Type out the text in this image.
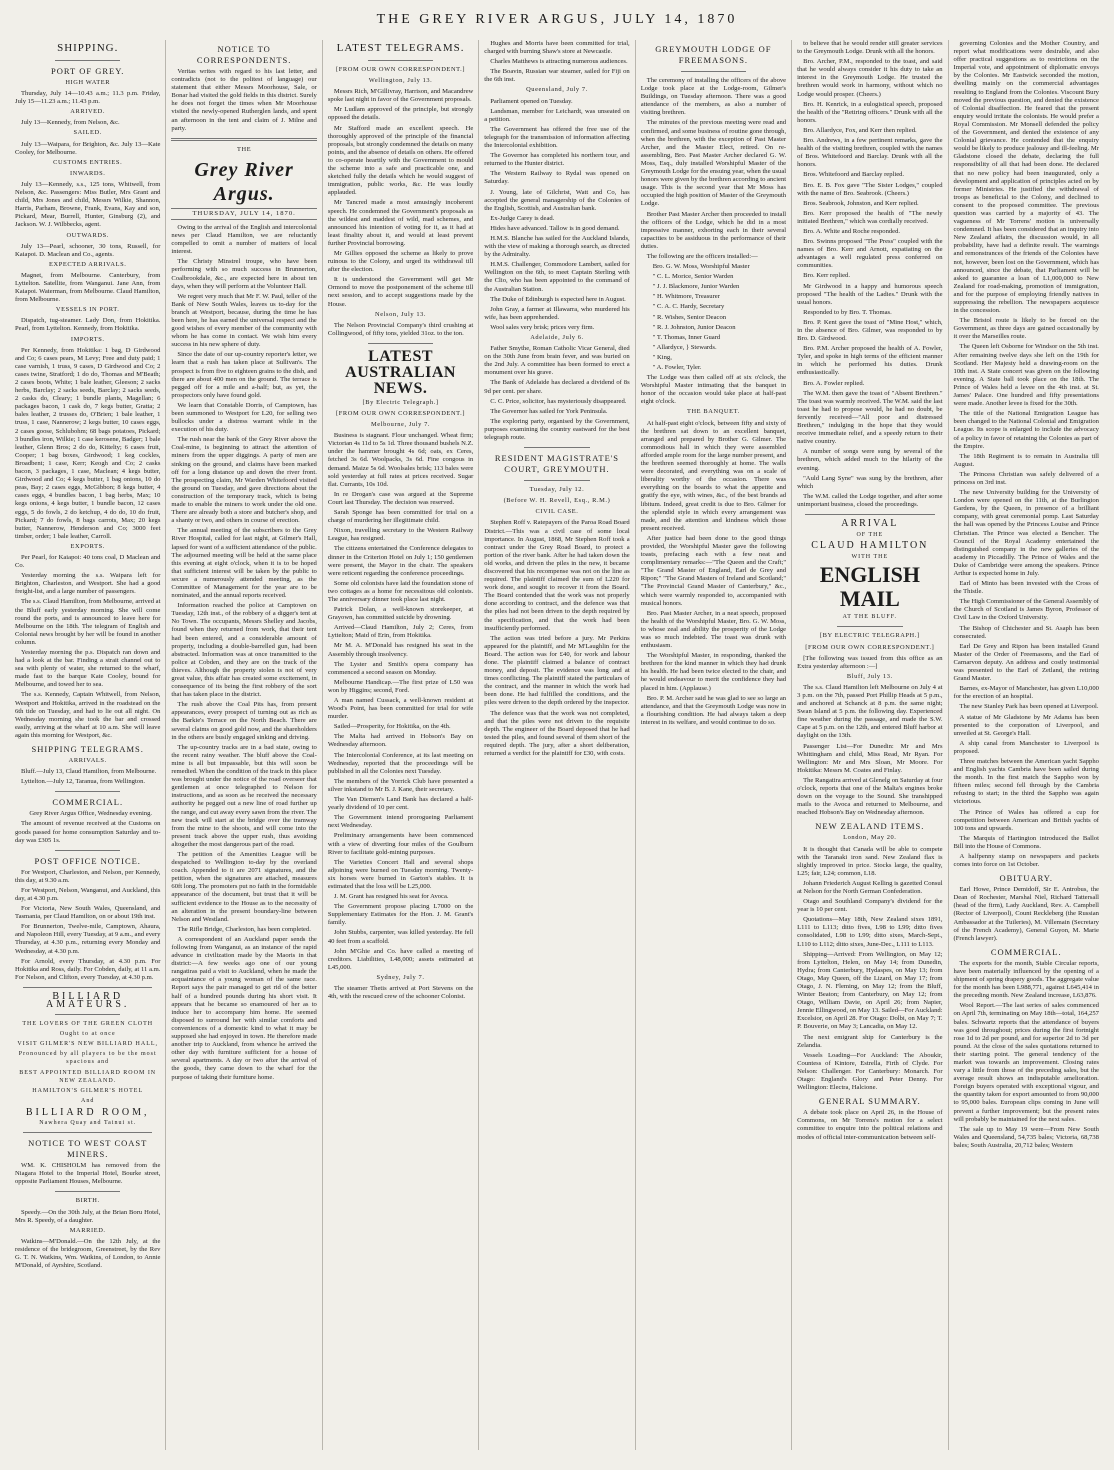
THE GREY RIVER ARGUS, JULY 14, 1870

SHIPPING.
PORT OF GREY.
HIGH WATER

Thursday, July 14—10.43 a.m.; 11.3 p.m. Friday, July 15—11.23 a.m.; 11.43 p.m.

ARRIVED.

July 13—Kennedy, from Nelson, &c.

SAILED.

July 13—Waipara, for Brighton, &c. July 13—Kate Cooley, for Melbourne.

CUSTOMS ENTRIES.
INWARDS.

July 13—Kennedy, s.s., 125 tons, Whitwell, from Nelson, &c. Passengers: Miss Butler, Mrs Grant and child, Mrs Jones and child, Messrs Wilkie, Shannon, Harris, Parham, Browne, Frank, Evans, Kay and son, Pickard, Mear, Burrell, Hunter, Ginsburg (2), and Jackson. W. J. Wilbbecks, agent.

OUTWARDS.

July 13—Pearl, schooner, 30 tons, Russell, for Kaiapoi. D. Maclean and Co., agents.

EXPECTED ARRIVALS.

Magnet, from Melbourne. Canterbury, from Lyttelton. Satellite, from Wanganui. Jane Ann, from Kaiapoi. Waterman, from Melbourne. Claud Hamilton, from Melbourne.

VESSELS IN PORT.

Dispatch, tug-steamer. Lady Don, from Hokitika. Pearl, from Lyttelton. Kennedy, from Hokitika.

IMPORTS.

Per Kennedy, from Hokitika: 1 bag, D Girdwood and Co; 6 cases pears, M Levy; Free and duty paid; 1 case varnish, 1 truss, 9 cases, D Girdwood and Co; 2 cases twine, Stratford; 1 do do, Thomas and M'Beath; 2 cases boots, White; 1 bale leather, Gleeson; 2 sacks herbs, Barclay; 2 sacks seeds, Barclay; 2 sacks seeds, 2 casks do, Cleary; 1 bundle plants, Magellan; 6 packages bacon, 1 cask do, 7 kegs butter, Gratta; 2 bales leather, 2 trusses do, O'Brien; 1 bale leather, 1 truss, 1 case, Nannerow; 2 kegs butter, 10 cases eggs, 2 cases goose, Schlubohm; 68 bags potatoes, Pickard; 3 bundles iron, Wilkie; 1 case kerosene, Badger; 1 bale leather, Glenn Bros; 2 do do, Kittelty; 6 cases fruit, Cooper; 1 bag boxes, Girdwood; 1 keg cockles, Broadbent; 1 case, Kerr; Keogh and Co; 2 casks bacon, 3 packages, 1 case, Maclean; 4 kegs butter, Girdwood and Co; 4 kegs butter, 1 bag onions, 10 do peas, Bay; 2 cases eggs, McGibbon; 8 kegs butter, 4 cases eggs, 4 bundles bacon, 1 bag herbs, Max; 10 kegs onions, 4 kegs butter, 1 bundle bacon, 12 cases eggs, 5 do fowls, 2 do ketchup, 4 do do, 10 do fruit, Pickard; 7 do fowls, 8 bags carrots, Max; 20 kegs butter, Nannerow, Henderson and Co; 3000 feet timber, order; 1 bale leather, Carroll.

EXPORTS.

Per Pearl, for Kaiapoi: 40 tons coal, D Maclean and Co.

Yesterday morning the s.s. Waipara left for Brighton, Charleston, and Westport. She had a good freight-list, and a large number of passengers.

The s.s. Claud Hamilton, from Melbourne, arrived at the Bluff early yesterday morning. She will come round the ports, and is announced to leave here for Melbourne on the 18th. The telegram of English and Colonial news brought by her will be found in another column.

Yesterday morning the p.s. Dispatch ran down and had a look at the bar. Finding a strait channel out to sea with plenty of water, she returned to the wharf, made fast to the barque Kate Cooley, bound for Melbourne, and towed her to sea.

The s.s. Kennedy, Captain Whitwell, from Nelson, Westport and Hokitika, arrived in the roadstead on the 6th tide on Tuesday, and had to lie out all night. On Wednesday morning she took the bar and crossed easily, arriving at the wharf at 10 a.m. She will leave again this morning for Westport, &c.

SHIPPING TELEGRAMS.
ARRIVALS.

Bluff.—July 13, Claud Hamilton, from Melbourne.

Lyttelton.—July 12, Taranua, from Wellington.

COMMERCIAL.

Grey River Argus Office, Wednesday evening.

The amount of revenue received at the Customs on goods passed for home consumption Saturday and to-day was £305 1s.

POST OFFICE NOTICE.

For Westport, Charleston, and Nelson, per Kennedy, this day, at 9.30 a.m.

For Westport, Nelson, Wanganui, and Auckland, this day, at 4.30 p.m.

For Victoria, New South Wales, Queensland, and Tasmania, per Claud Hamilton, on or about 19th inst.

For Brunnerton, Twelve-mile, Camptown, Ahaura, and Napoleon Hill, every Tuesday, at 9 a.m., and every Thursday, at 4.30 p.m., returning every Monday and Wednesday, at 4.30 p.m.

For Arnold, every Thursday, at 4.30 p.m. For Hokitika and Ross, daily. For Cobden, daily, at 11 a.m. For Nelson, and Clifton, every Tuesday, at 4.30 p.m.

BILLIARD AMATEURS.
THE LOVERS OF THE GREEN CLOTH
Ought to at once
VISIT GILMER'S NEW BILLIARD HALL,
Pronounced by all players to be the most spacious and
BEST APPOINTED BILLIARD ROOM IN NEW ZEALAND.
HAMILTON'S GILMER'S HOTEL
And
BILLIARD ROOM,
Nawhera Quay and Tainui st.
NOTICE TO WEST COAST MINERS.

WM. K. CHISHOLM has removed from the Niagara Hotel to the Imperial Hotel, Bourke street, opposite Parliament Houses, Melbourne.

BIRTH.

Speedy.—On the 30th July, at the Brian Boru Hotel, Mrs R. Speedy, of a daughter.

MARRIED.

Watkins—M'Donald.—On the 12th July, at the residence of the bridegroom, Greenstreet, by the Rev G. T. N. Watkins, Wm. Watkins, of London, to Annie M'Donald, of Ayrshire, Scotland.

NOTICE TO CORRESPONDENTS.

Veritas writes with regard to his last letter, and contradicts (not to the politest of language) our statement that either Messrs Moorhouse, Sale, or Bonar had visited the gold fields in this district. Surely he does not forget the times when Mr Moorhouse visited the newly-opened Rutherglen lands, and spent an afternoon in the tent and claim of J. Milne and party.

THE
Grey River Argus.
THURSDAY, JULY 14, 1870.

Owing to the arrival of the English and intercolonial news per Claud Hamilton, we are reluctantly compelled to omit a number of matters of local interest.

The Christy Minstrel troupe, who have been performing with so much success in Brunnerton, Coalbrookdale, &c., are expected here in about ten days, when they will perform at the Volunteer Hall.

We regret very much that Mr F. W. Paul, teller of the Bank of New South Wales, leaves us to-day for the branch at Westport, because, during the time he has been here, he has earned the universal respect and the good wishes of every member of the community with whom he has come in contact. We wish him every success in his new sphere of duty.

Since the date of our up-country reporter's letter, we learn that a rush has taken place at Sullivan's. The prospect is from five to eighteen grains to the dish, and there are about 400 men on the ground. The terrace is pegged off for a mile and a-half; but, as yet, the prospectors only have found gold.

We learn that Constable Dorris, of Camptown, has been summoned to Westport for L20, for selling two bullocks under a distress warrant while in the execution of his duty.

The rush near the bank of the Grey River above the Coal-mine, is beginning to attract the attention of miners from the upper diggings. A party of men are sinking on the ground, and claims have been marked off for a long distance up and down the river front. The prospecting claim, Mr Warden Whitefoord visited the ground on Tuesday, and gave directions about the construction of the temporary track, which is being made to enable the miners to work under the old one. There are already both a store and butcher's shop, and a shanty or two, and others in course of erection.

The annual meeting of the subscribers to the Grey River Hospital, called for last night, at Gilmer's Hall, lapsed for want of a sufficient attendance of the public. The adjourned meeting will be held at the same place this evening at eight o'clock, when it is to be hoped that sufficient interest will be taken by the public to secure a numerously attended meeting, as the Committee of Management for the year are to be nominated, and the annual reports received.

Information reached the police at Camptown on Tuesday, 12th inst., of the robbery of a digger's tent at No Town. The occupants, Messrs Shelley and Jacobs, found when they returned from work, that their tent had been entered, and a considerable amount of property, including a double-barrelled gun, had been abstracted. Information was at once transmitted to the police at Cobden, and they are on the track of the thieves. Although the property stolen is not of very great value, this affair has created some excitement, in consequence of its being the first robbery of the sort that has taken place in the district.

The rush above the Coal Pits has, from present appearances, every prospect of turning out as rich as the Barkie's Terrace on the North Beach. There are several claims on good gold now, and the shareholders in the others are busily engaged sinking and driving.

The up-country tracks are in a bad state, owing to the recent rainy weather. The bluff above the Coal-mine is all but impassable, but this will soon be remedied. When the condition of the track in this place was brought under the notice of the road overseer that gentlemen at once telegraphed to Nelson for instructions, and as soon as he received the necessary authority he pegged out a new line of road further up the range, and cut away every sawn from the river. The new track will start at the bridge over the tramway from the mine to the shoots, and will come into the present track above the upper rush, thus avoiding altogether the most dangerous part of the road.

The petition of the Amenities League will be despatched to Wellington to-day by the overland coach. Appended to it are 2071 signatures, and the petition, when the signatures are attached, measures 60ft long. The promoters put no faith in the formidable appearance of the document, but trust that it will be sufficient evidence to the House as to the necessity of an alteration in the present boundary-line between Nelson and Westland.

The Rifle Bridge, Charleston, has been completed.

A correspondent of an Auckland paper sends the following from Wanganui, as an instance of the rapid advance in civilization made by the Maoris in that district:—A few weeks ago one of our young rangatiras paid a visit to Auckland, when he made the acquaintance of a young woman of the same race. Report says the pair managed to get rid of the better half of a hundred pounds during his short visit. It appears that he became so enamoured of her as to induce her to accompany him home. He seemed disposed to surround her with similar comforts and conveniences of a domestic kind to what it may be supposed she had enjoyed in town. He therefore made another trip to Auckland, from whence he arrived the other day with furniture sufficient for a house of several apartments. A day or two after the arrival of the goods, they came down to the wharf for the purpose of taking their furniture home.

LATEST TELEGRAMS.
[FROM OUR OWN CORRESPONDENT.]
Wellington, July 13.

Messrs Rich, M'Gillivray, Harrison, and Macandrew spoke last night in favor of the Government proposals.

Mr Ludlam approved of the principle, but strongly opposed the details.

Mr Stafford made an excellent speech. He thoroughly approved of the principle of the financial proposals, but strongly condemned the details on many points, and the absence of details on others. He offered to co-operate heartily with the Government to mould the scheme into a safe and practicable one, and sketched fully the details which he would suggest of immigration, public works, &c. He was loudly applauded.

Mr Tancred made a most amusingly incoherent speech. He condemned the Government's proposals as the wildest and maddest of wild, mad schemes, and announced his intention of voting for it, as it had at least finality about it, and would at least prevent further Provincial borrowing.

Mr Gillies opposed the scheme as likely to prove ruinous to the Colony, and urged its withdrawal till after the election.

It is understood the Government will get Mr Ormond to move the postponement of the scheme till next session, and to accept suggestions made by the House.

Nelson, July 13.

The Nelson Provincial Company's third crushing at Collingwood, of fifty tons, yielded 31oz. to the ton.

LATEST AUSTRALIAN NEWS.
[By Electric Telegraph.]
[FROM OUR OWN CORRESPONDENT.]
Melbourne, July 7.

Business is stagnant. Flour unchanged. Wheat firm; Victorian 4s 11d to 5s 1d. Three thousand bushels N.Z. under the hammer brought 4s 6d; oats, ex Ceres, fetched 3s 6d. Woolpacks, 3s 6d. Fine congous in demand. Maize 5s 6d. Woolsales brisk; 113 bales were sold yesterday at full rates at prices received. Sugar flat. Currants, 10s 10d.

In re Drogan's case was argued at the Supreme Court last Thursday. The decision was reserved.

Sarah Sponge has been committed for trial on a charge of murdering her illegitimate child.

Nixon, travelling secretary to the Western Railway League, has resigned.

The citizens entertained the Conference delegates to dinner in the Criterion Hotel on July 1; 150 gentlemen were present, the Mayor in the chair. The speakers were reticent regarding the conference proceedings.

Some old colonists have laid the foundation stone of two cottages as a home for necessitous old colonists. The anniversary dinner took place last night.

Patrick Dolan, a well-known storekeeper, at Grayown, has committed suicide by drowning.

Arrived—Claud Hamilton, July 2; Ceres, from Lyttelton; Maid of Erin, from Hokitika.

Mr M. A. M'Donald has resigned his seat in the Assembly through insolvency.

The Lyster and Smith's opera company has commenced a second season on Monday.

Melbourne Handicap.—The first prize of L50 was won by Higgins; second, Ford.

A man named Cussack, a well-known resident at Wood's Point, has been committed for trial for wife murder.

Sailed—Prosperity, for Hokitika, on the 4th.

The Malta had arrived in Hobson's Bay on Wednesday afternoon.

The Intercolonial Conference, at its last meeting on Wednesday, reported that the proceedings will be published in all the Colonies next Tuesday.

The members of the Yorrick Club have presented a silver inkstand to Mr B. J. Kane, their secretary.

The Van Diemen's Land Bank has declared a half-yearly dividend of 10 per cent.

The Government intend prorogueing Parliament next Wednesday.

Preliminary arrangements have been commenced with a view of diverting four miles of the Goulburn River to facilitate gold-mining purposes.

The Varieties Concert Hall and several shops adjoining were burned on Tuesday morning. Twenty-six horses were burned in Garton's stables. It is estimated that the loss will be L25,000.

J. M. Grant has resigned his seat for Avoca.

The Government propose placing L7000 on the Supplementary Estimates for the Hon. J. M. Grant's family.

John Stubbs, carpenter, was killed yesterday. He fell 40 feet from a scaffold.

John M'Ghie and Co. have called a meeting of creditors. Liabilities, L48,000; assets estimated at L45,000.

Sydney, July 7.

The steamer Thetis arrived at Port Stevens on the 4th, with the rescued crew of the schooner Colonist.

Hughes and Morris have been committed for trial, charged with burning Shaw's store at Newcastle.

Charles Matthews is attracting numerous audiences.

The Boavin, Russian war steamer, sailed for Fiji on the 6th inst.

Queensland, July 7.

Parliament opened on Tuesday.

Landsman, member for Leichardt, was unseated on a petition.

The Government has offered the free use of the telegraph for the transmission of information affecting the Intercolonial exhibition.

The Governor has completed his northern tour, and returned to the Hunter district.

The Western Railway to Rydal was opened on Saturday.

J. Young, late of Gilchrist, Watt and Co, has accepted the general managership of the Colonies of the English, Scottish, and Australian bank.

Ex-Judge Carey is dead.

Hides have advanced. Tallow is in good demand.

H.M.S. Blanche has sailed for the Auckland Islands, with the view of making a thorough search, as directed by the Admiralty.

H.M.S. Challenger, Commodore Lambert, sailed for Wellington on the 6th, to meet Captain Sterling with the Clio, who has been appointed to the command of the Australian Station.

The Duke of Edinburgh is expected here in August.

John Gray, a farmer at Illawarra, who murdered his wife, has been apprehended.

Wool sales very brisk; prices very firm.

Adelaide, July 6.

Father Smythe, Roman Catholic Vicar General, died on the 30th June from brain fever, and was buried on the 2nd July. A committee has been formed to erect a monument over his grave.

The Bank of Adelaide has declared a dividend of 8s 9d per cent. per share.

C. C. Price, solicitor, has mysteriously disappeared.

The Governor has sailed for York Peninsula.

The exploring party, organised by the Government, purposes examining the country eastward for the best telegraph route.

RESIDENT MAGISTRATE'S COURT, GREYMOUTH.
Tuesday, July 12.
(Before W. H. Revell, Esq., R.M.)
CIVIL CASE.

Stephen Roff v. Ratepayers of the Paroa Road Board District.—This was a civil case of some local importance. In August, 1868, Mr Stephen Roff took a contract under the Grey Road Board, to protect a portion of the river bank. After he had taken down the old works, and driven the piles in the new, it became discovered that his recompense was not on the line as required. The plaintiff claimed the sum of L220 for work done, and sought to recover it from the Board. The Board contended that the work was not properly done according to contract, and the defence was that the piles had not been driven to the depth required by the specification, and that the work had been insufficiently performed.

The action was tried before a jury. Mr Perkins appeared for the plaintiff, and Mr M'Laughlin for the Board. The action was for £40, for work and labour done. The plaintiff claimed a balance of contract money, and deposit. The evidence was long and at times conflicting. The plaintiff stated the particulars of the contract, and the manner in which the work had been done. He had fulfilled the conditions, and the piles were driven to the depth ordered by the inspector.

The defence was that the work was not completed, and that the piles were not driven to the requisite depth. The engineer of the Board deposed that he had tested the piles, and found several of them short of the required depth. The jury, after a short deliberation, returned a verdict for the plaintiff for £30, with costs.

GREYMOUTH LODGE OF FREEMASONS.

The ceremony of installing the officers of the above Lodge took place at the Lodge-room, Gilmer's Buildings, on Tuesday afternoon. There was a good attendance of the members, as also a number of visiting brethren.

The minutes of the previous meeting were read and confirmed, and some business of routine gone through, when the brethren, with the exception of Past Master Archer, and the Master Elect, retired. On re-assembling, Bro. Past Master Archer declared G. W. Moss, Esq., duly installed Worshipful Master of the Greymouth Lodge for the ensuing year, when the usual honors were given by the brethren according to ancient usage. This is the second year that Mr Moss has occupied the high position of Master of the Greymouth Lodge.

Brother Past Master Archer then proceeded to install the officers of the Lodge, which he did in a most impressive manner, exhorting each in their several capacities to be assiduous in the performance of their duties.

The following are the officers installed:—

Bro. G. W. Moss, Worshipful Master

" C. L. Morice, Senior Warden

" J. J. Blackmore, Junior Warden

" H. Whitmore, Treasurer

" C. A. C. Hardy, Secretary

" R. Wishes, Senior Deacon

" R. J. Johnston, Junior Deacon

" T. Thomas, Inner Guard

" Allardyce, } Stewards.

" King,

" A. Fowler, Tyler.

The Lodge was then called off at six o'clock, the Worshipful Master intimating that the banquet in honor of the occasion would take place at half-past eight o'clock.

THE BANQUET.

At half-past eight o'clock, between fifty and sixty of the brethren sat down to an excellent banquet, arranged and prepared by Brother G. Gilmer. The commodious hall in which they were assembled afforded ample room for the large number present, and the brethren seemed thoroughly at home. The walls were decorated, and everything was on a scale of liberality worthy of the occasion. There was everything on the boards to what the appetite and gratify the eye, with wines, &c., of the best brands ad libitum. Indeed, great credit is due to Bro. Gilmer for the splendid style in which every arrangement was made, and the attention and kindness which those present received.

After justice had been done to the good things provided, the Worshipful Master gave the following toasts, prefacing each with a few neat and complimentary remarks:—"The Queen and the Craft;" "The Grand Master of England, Earl de Grey and Ripon;" "The Grand Masters of Ireland and Scotland;" "The Provincial Grand Master of Canterbury," &c., which were warmly responded to, accompanied with musical honors.

Bro. Past Master Archer, in a neat speech, proposed the health of the Worshipful Master, Bro. G. W. Moss, to whose zeal and ability the prosperity of the Lodge was so much indebted. The toast was drunk with enthusiasm.

The Worshipful Master, in responding, thanked the brethren for the kind manner in which they had drunk his health. He had been twice elected to the chair, and he would endeavour to merit the confidence they had placed in him. (Applause.)

Bro. P. M. Archer said he was glad to see so large an attendance, and that the Greymouth Lodge was now in a flourishing condition. He had always taken a deep interest in its welfare, and would continue to do so.

to believe that he would render still greater services to the Greymouth Lodge. Drunk with all the honors.

Bro. Archer, P.M., responded to the toast, and said that he would always consider it his duty to take an interest in the Greymouth Lodge. He trusted the brethren would work in harmony, without which no Lodge would prosper. (Cheers.)

Bro. H. Kenrick, in a eulogistical speech, proposed the health of the "Retiring officers." Drunk with all the honors.

Bro. Allardyce, Fox, and Kerr then replied.

Bro. Andrews, in a few pertinent remarks, gave the health of the visiting brethren, coupled with the names of Bros. Whitefoord and Barclay. Drunk with all the honors.

Bros. Whitefoord and Barclay replied.

Bro. E. B. Fox gave "The Sister Lodges," coupled with the name of Bro. Seabrook. (Cheers.)

Bros. Seabrook, Johnston, and Kerr replied.

Bro. Kerr proposed the health of "The newly initiated Brethren," which was cordially received.

Bro. A. White and Roche responded.

Bro. Swinns proposed "The Press" coupled with the names of Bro. Kerr and Arnott, expatiating on the advantages a well regulated press conferred on communities.

Bro. Kerr replied.

Mr Girdwood in a happy and humorous speech proposed "The health of the Ladies." Drunk with the usual honors.

Responded to by Bro. T. Thomas.

Bro. P. Kent gave the toast of "Mine Host," which, in the absence of Bro. Gilmer, was responded to by Bro. D. Girdwood.

Bro. P.M. Archer proposed the health of A. Fowler, Tyler, and spoke in high terms of the efficient manner in which he performed his duties. Drunk enthusiastically.

Bro. A. Fowler replied.

The W.M. then gave the toast of "Absent Brethren." The toast was warmly received. The W.M. said the last toast he had to propose would, he had no doubt, be fervently received—"All poor and distressed Brethren," indulging in the hope that they would receive immediate relief, and a speedy return to their native country.

A number of songs were sung by several of the brethren, which added much to the hilarity of the evening.

"Auld Lang Syne" was sung by the brethren, after which

The W.M. called the Lodge together, and after some unimportant business, closed the proceedings.

ARRIVAL
OF THE
CLAUD HAMILTON
WITH THE
ENGLISH MAIL
AT THE BLUFF.
[BY ELECTRIC TELEGRAPH.]
[FROM OUR OWN CORRESPONDENT.]

[The following was issued from this office as an Extra yesterday afternoon :—]

Bluff, July 13.

The s.s. Claud Hamilton left Melbourne on July 4 at 3 p.m. on the 7th, passed Port Phillip Heads at 5 p.m., and anchored at Schanck at 8 p.m. the same night; Swan Island at 5 p.m. the following day. Experienced fine weather during the passage, and made the S.W. Cape at 5 p.m. on the 12th, and entered Bluff harbor at daylight on the 13th.

Passenger List—For Dunedin: Mr and Mrs Whittingham and child, Miss Read, Mr Ryan. For Wellington: Mr and Mrs Sloan, Mr Moore. For Hokitika: Messrs M. Coates and Finlay.

The Rangatira arrived at Glenelg on Saturday at four o'clock, reports that one of the Malta's engines broke down on the voyage to the Sound. She transhipped mails to the Avoca and returned to Melbourne, and reached Hobson's Bay on Wednesday afternoon.

NEW ZEALAND ITEMS.
London, May 20.

It is thought that Canada will be able to compete with the Taranaki iron sand. New Zealand flax is slightly improved in price. Stocks large, the quality, L25; fair, L24; common, L18.

Johann Friederich August Kelling is gazetted Consul at Nelson for the North German Confederation.

Otago and Southland Company's dividend for the year is 10 per cent.

Quotations—May 18th, New Zealand sixes 1891, L111 to L113; ditto fives, L98 to L99; ditto fives consolidated, L98 to L99; ditto sixes, March-Sept., L110 to L112; ditto sixes, June-Dec., L111 to L113.

Shipping—Arrived: From Wellington, on May 12; from Lyttelton, Helen, on May 14; from Dunedin, Hydra; from Canterbury, Hydaspes, on May 13; from Otago, May Queen, off the Lizard, on May 17; from Otago, J. N. Fleming, on May 12; from the Bluff, Winter Beaton; from Canterbury, on May 12; from Otago, William Davie, on April 26; from Napier, Jennie Ellingwood, on May 13. Sailed—For Auckland: Excelsior, on April 28. For Otago: Dolbi, on May 7; T. P. Bouverie, on May 3; Lancadia, on May 12.

The next emigrant ship for Canterbury is the Zelandia.

Vessels Loading—For Auckland: The Aboukir, Countess of Kintore, Estrella, Firth of Clyde. For Nelson: Challenger. For Canterbury: Monarch. For Otago: England's Glory and Peter Denny. For Wellington: Electra, Halcione.

GENERAL SUMMARY.

A debate took place on April 26, in the House of Commons, on Mr Torrens's motion for a select committee to enquire into the political relations and modes of official inter-communication between self-

governing Colonies and the Mother Country, and report what modifications were desirable, and also offer practical suggestions as to restrictions on the Imperial vote, and appointment of diplomatic envoys by the Colonies. Mr Eastwick seconded the motion, dwelling mainly on the commercial advantages resulting to England from the Colonies. Viscount Bury moved the previous question, and denied the existence of Colonial disaffection. He feared that the present enquiry would irritate the colonists. He would prefer a Royal Commission. Mr Monsell defended the policy of the Government, and denied the existence of any Colonial grievance. He contended that the enquiry would be likely to produce jealousy and ill-feeling. Mr Gladstone closed the debate, declaring the full responsibility of all that had been done. He declared that no new policy had been inaugurated, only a development and application of principles acted on by former Ministries. He justified the withdrawal of troops as beneficial to the Colony, and declined to consent to the proposed committee. The previous question was carried by a majority of 43. The vagueness of Mr Torrens' motion is universally condemned. It has been considered that an inquiry into New Zealand affairs, the discussion would, in all probability, have had a definite result. The warnings and remonstrances of the friends of the Colonies have not, however, been lost on the Government, which has announced, since the debate, that Parliament will be asked to guarantee a loan of L1,000,000 to New Zealand for road-making, promotion of immigration, and for the purpose of employing friendly natives in suppressing the rebellion. The newspapers acquiesce in the concession.

The Bristol route is likely to be forced on the Government, as three days are gained occasionally by it over the Marseilles route.

The Queen left Osborne for Windsor on the 5th inst. After remaining twelve days she left on the 19th for Scotland. Her Majesty held a drawing-room on the 10th inst. A State concert was given on the following evening. A State ball took place on the 18th. The Prince of Wales held a levee on the 4th inst. at St. James' Palace. One hundred and fifty presentations were made. Another levee is fixed for the 30th.

The title of the National Emigration League has been changed to the National Colonial and Emigration League. Its scope is enlarged to include the advocacy of a policy in favor of retaining the Colonies as part of the Empire.

The 18th Regiment is to remain in Australia till August.

The Princess Christian was safely delivered of a princess on 3rd inst.

The new University building for the University of London were opened on the 11th, at the Burlington Gardens, by the Queen, in presence of a brilliant company, with great ceremonial pomp. Last Saturday the hall was opened by the Princess Louise and Prince Christian. The Prince was elected a Bencher. The Council of the Royal Academy entertained the distinguished company in the new galleries of the academy in Piccadilly. The Prince of Wales and the Duke of Cambridge were among the speakers. Prince Arthur is expected home in July.

Earl of Minto has been invested with the Cross of the Thistle.

The High Commissioner of the General Assembly of the Church of Scotland is James Byron, Professor of Civil Law in the Oxford University.

The Bishop of Chichester and St. Asaph has been consecrated.

Earl De Grey and Ripon has been installed Grand Master of the Order of Freemasons, and the Earl of Carnarvon deputy. An address and costly testimonial was presented to the Earl of Zetland, the retiring Grand Master.

Barnes, ex-Mayor of Manchester, has given L10,000 for the erection of an hospital.

The new Stanley Park has been opened at Liverpool.

A statue of Mr Gladstone by Mr Adams has been presented to the corporation of Liverpool, and unveiled at St. George's Hall.

A ship canal from Manchester to Liverpool is proposed.

Three matches between the American yacht Sappho and English yachts Cambria have been sailed during the month. In the first match the Sappho won by fifteen miles; second fell through by the Cambria refusing to start; in the third the Sappho was again victorious.

The Prince of Wales has offered a cup for competition between American and British yachts of 100 tons and upwards.

The Marquis of Hartington introduced the Ballot Bill into the House of Commons.

A halfpenny stamp on newspapers and packets comes into force on 1st October.

OBITUARY.

Earl Howe, Prince Demidoff, Sir E. Antrobus, the Dean of Rochester, Marshal Niel, Richard Tattersall (head of the firm), Lady Auckland, Rev. A. Campbell (Rector of Liverpool), Count Reckleberg (the Russian Ambassador at the Tuileries), M. Villemain (Secretary of the French Academy), General Guyon, M. Marie (French lawyer).

COMMERCIAL.

The exports for the month, Stable Circular reports, have been materially influenced by the opening of a shipment of spring drapery goods. The aggregate value for the month has been L988,771, against L645,414 in the preceding month. New Zealand increase, L63,876.

Wool Report.—The last series of sales commenced on April 7th, terminating on May 18th—total, 164,257 bales. Schwartz reports that the attendance of buyers was good throughout; prices during the first fortnight rose 1d to 2d per pound, and for superior 2d to 3d per pound. At the close of the sales quotations returned to their starting point. The general tendency of the market was towards an improvement. Closing rates vary a little from those of the preceding sales, but the average result shows an indisputable amelioration. Foreign buyers operated with exceptional vigour, and the quantity taken for export amounted to from 90,000 to 95,000 bales. European clips coming in June will prevent a further improvement; but the present rates will probably be maintained for the next sales.

The sale up to May 19 were—From New South Wales and Queensland, 54,735 bales; Victoria, 68,738 bales; South Australia, 20,712 bales; Western
